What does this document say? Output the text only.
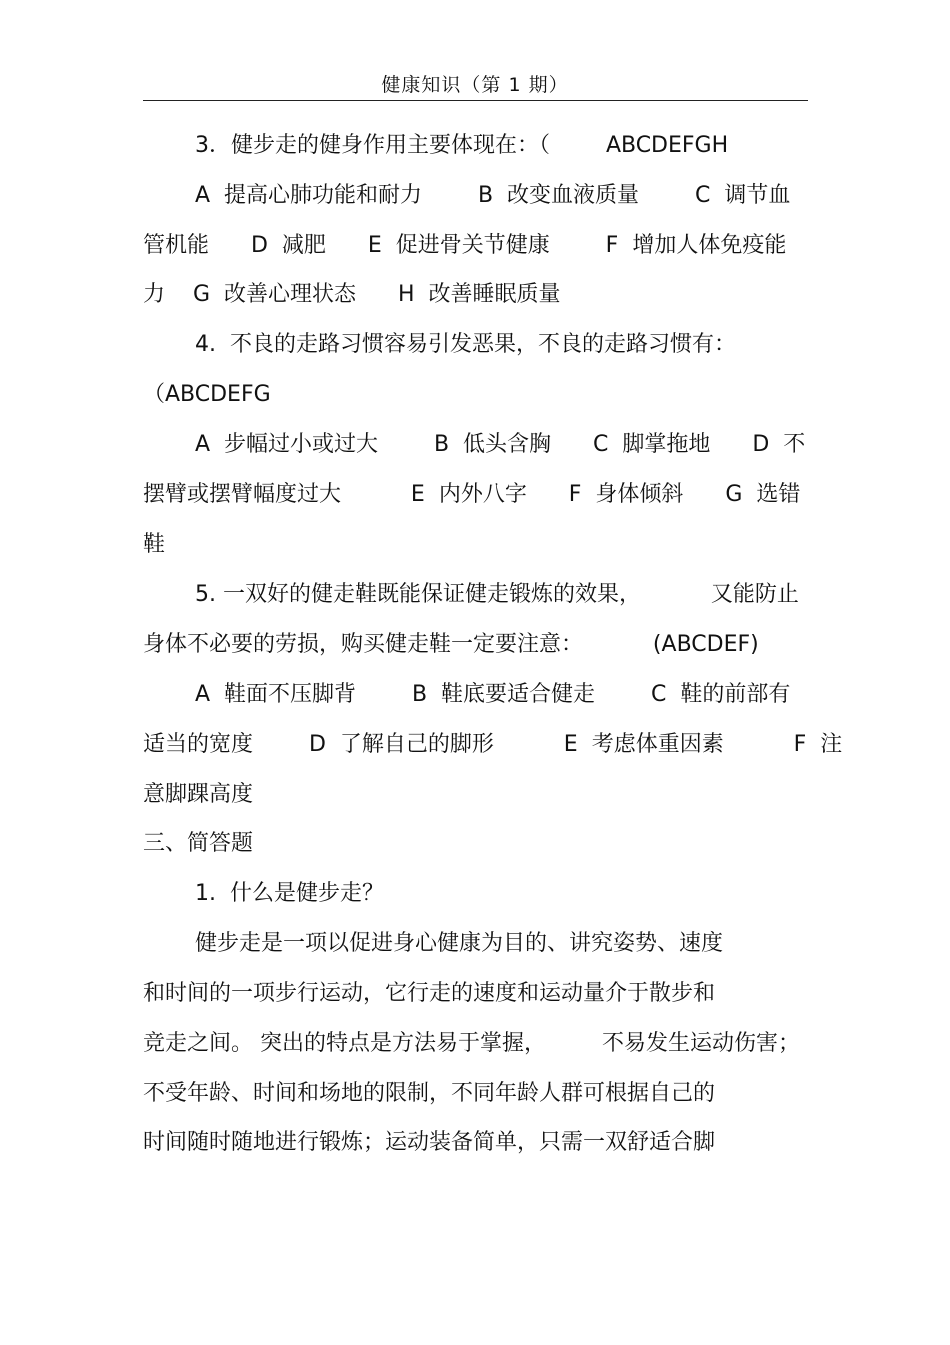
健康知识（第 1 期）
3．健步走的健身作用主要体现在：（        ABCDEFGH
A  提高心肺功能和耐力        B  改变血液质量        C  调节血
管机能      D  减肥      E  促进骨关节健康        F  增加人体免疫能
力    G  改善心理状态      H  改善睡眠质量
4.  不良的走路习惯容易引发恶果，不良的走路习惯有：
（ABCDEFG
A  步幅过小或过大        B  低头含胸      C  脚掌拖地      D  不
摆臂或摆臂幅度过大          E  内外八字      F  身体倾斜      G  选错
鞋
5. 一双好的健走鞋既能保证健走锻炼的效果，          又能防止
身体不必要的劳损，购买健走鞋一定要注意：          (ABCDEF)
A  鞋面不压脚背        B  鞋底要适合健走        C  鞋的前部有
适当的宽度        D  了解自己的脚形          E  考虑体重因素          F  注
意脚踝高度
三、简答题
1.  什么是健步走？
健步走是一项以促进身心健康为目的、讲究姿势、速度
和时间的一项步行运动，它行走的速度和运动量介于散步和
竞走之间。 突出的特点是方法易于掌握，        不易发生运动伤害；
不受年龄、时间和场地的限制，不同年龄人群可根据自己的
时间随时随地进行锻炼；运动装备简单，只需一双舒适合脚
